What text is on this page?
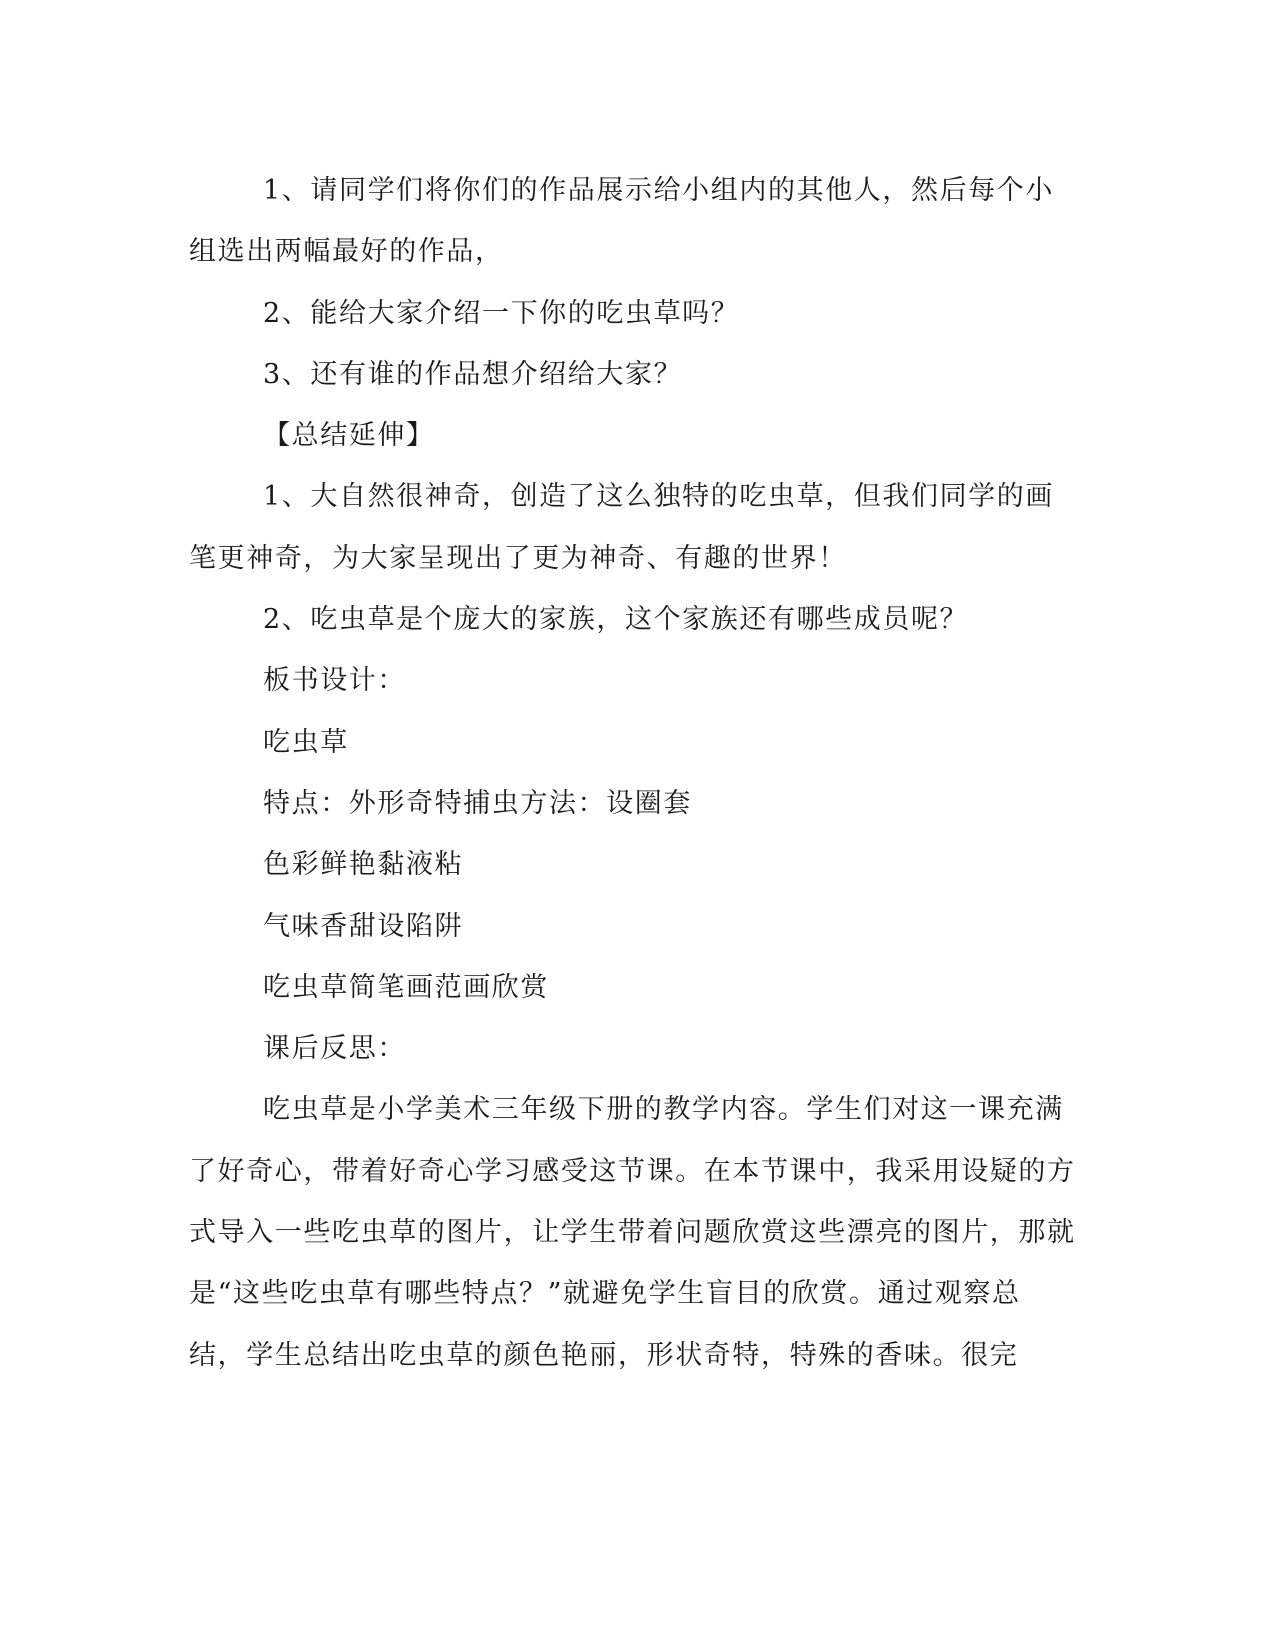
1、请同学们将你们的作品展示给小组内的其他人，然后每个小组选出两幅最好的作品，

2、能给大家介绍一下你的吃虫草吗？

3、还有谁的作品想介绍给大家？

【总结延伸】

1、大自然很神奇，创造了这么独特的吃虫草，但我们同学的画笔更神奇，为大家呈现出了更为神奇、有趣的世界！

2、吃虫草是个庞大的家族，这个家族还有哪些成员呢？

板书设计：

吃虫草

特点：外形奇特捕虫方法：设圈套

色彩鲜艳黏液粘

气味香甜设陷阱

吃虫草简笔画范画欣赏

课后反思：

吃虫草是小学美术三年级下册的教学内容。学生们对这一课充满了好奇心，带着好奇心学习感受这节课。在本节课中，我采用设疑的方式导入一些吃虫草的图片，让学生带着问题欣赏这些漂亮的图片，那就是“这些吃虫草有哪些特点？”就避免学生盲目的欣赏。通过观察总结，学生总结出吃虫草的颜色艳丽，形状奇特，特殊的香味。很完
